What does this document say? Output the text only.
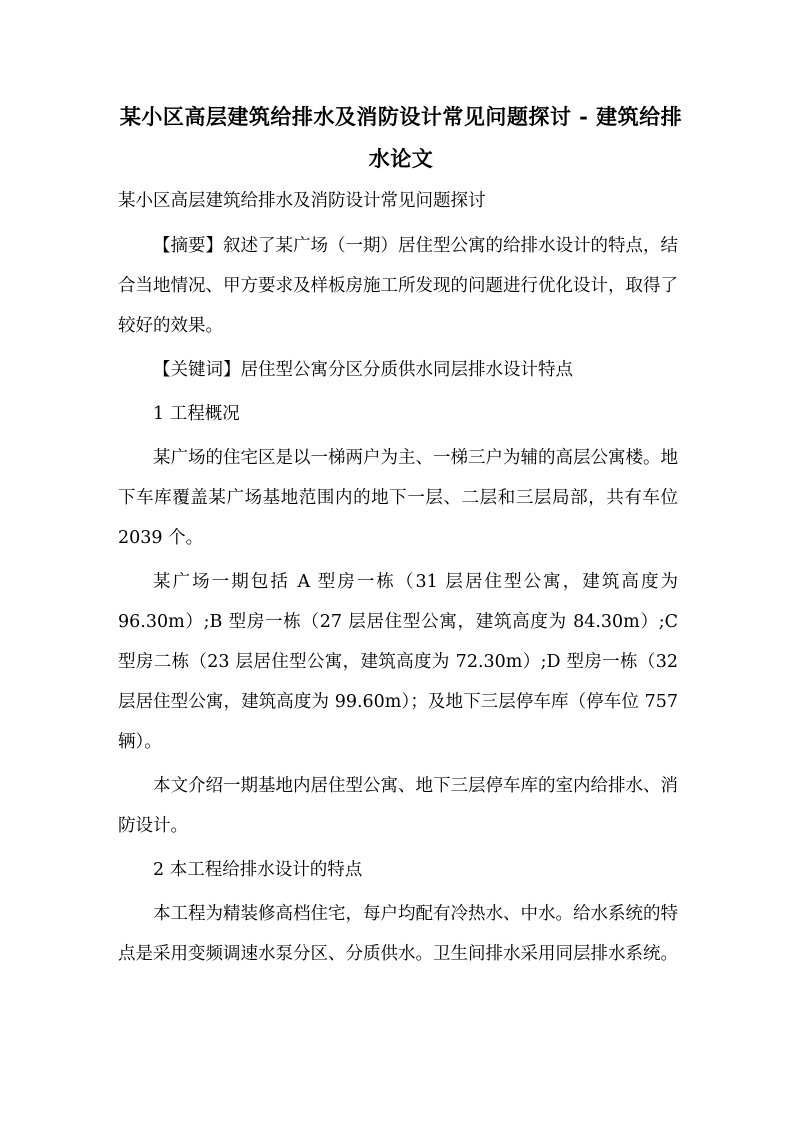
某小区高层建筑给排水及消防设计常见问题探讨 - 建筑给排水论文

某小区高层建筑给排水及消防设计常见问题探讨

【摘要】叙述了某广场（一期）居住型公寓的给排水设计的特点，结合当地情况、甲方要求及样板房施工所发现的问题进行优化设计，取得了较好的效果。

【关键词】居住型公寓分区分质供水同层排水设计特点

1 工程概况

某广场的住宅区是以一梯两户为主、一梯三户为辅的高层公寓楼。地下车库覆盖某广场基地范围内的地下一层、二层和三层局部，共有车位 2039 个。

某广场一期包括 A 型房一栋（31 层居住型公寓，建筑高度为 96.30m）;B 型房一栋（27 层居住型公寓，建筑高度为 84.30m）;C 型房二栋（23 层居住型公寓，建筑高度为 72.30m）;D 型房一栋（32 层居住型公寓，建筑高度为 99.60m）；及地下三层停车库（停车位 757 辆）。

本文介绍一期基地内居住型公寓、地下三层停车库的室内给排水、消防设计。

2 本工程给排水设计的特点

本工程为精装修高档住宅，每户均配有冷热水、中水。给水系统的特点是采用变频调速水泵分区、分质供水。卫生间排水采用同层排水系统。
